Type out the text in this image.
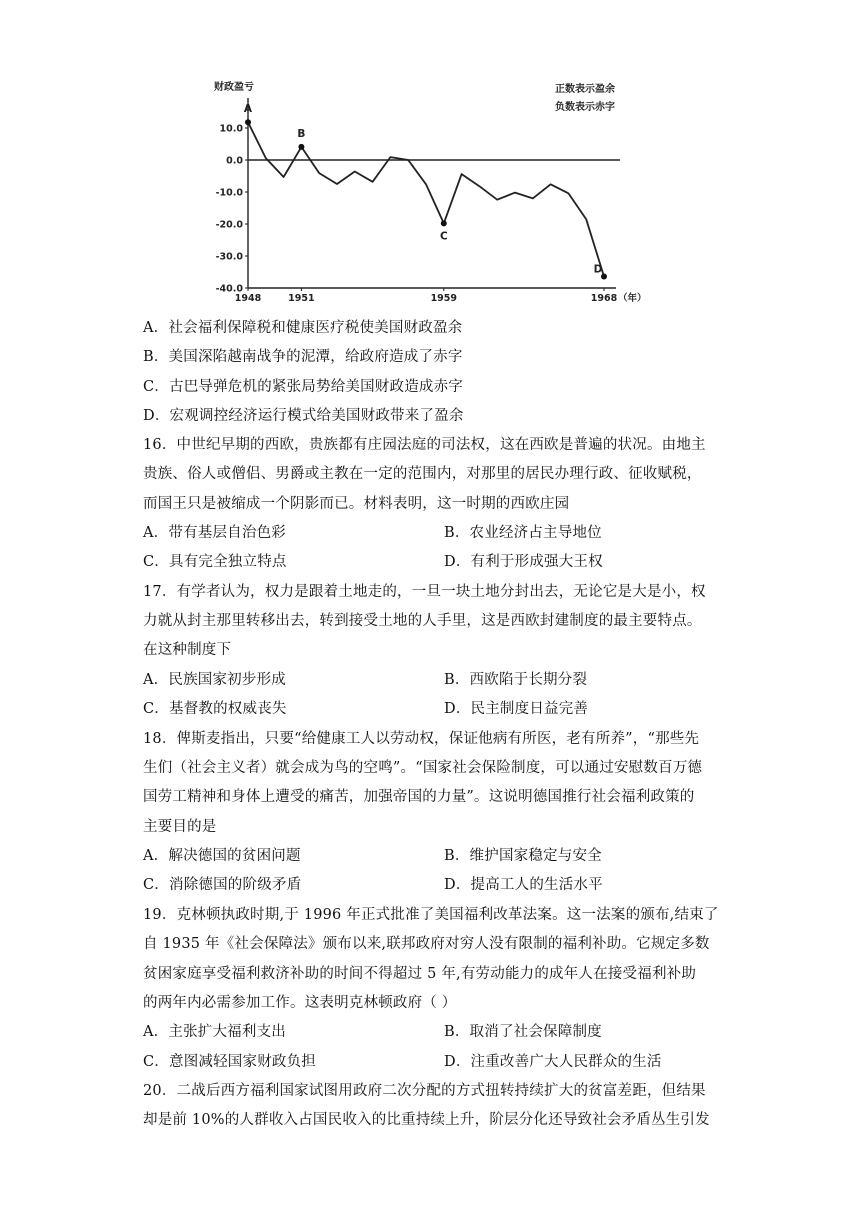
财政盈亏	正数表示盈余
负数表示赤字
10.0
0.0
-10.0
-20.0
-30.0
-40.0
1948	1951	1959	1968 （年）
A
B
C
D
A．社会福利保障税和健康医疗税使美国财政盈余
B．美国深陷越南战争的泥潭，给政府造成了赤字
C．古巴导弹危机的紧张局势给美国财政造成赤字
D．宏观调控经济运行模式给美国财政带来了盈余
16．中世纪早期的西欧，贵族都有庄园法庭的司法权，这在西欧是普遍的状况。由地主
贵族、俗人或僧侣、男爵或主教在一定的范围内，对那里的居民办理行政、征收赋税，
而国王只是被缩成一个阴影而已。材料表明，这一时期的西欧庄园
A．带有基层自治色彩	B．农业经济占主导地位
C．具有完全独立特点	D．有利于形成强大王权
17．有学者认为，权力是跟着土地走的，一旦一块土地分封出去，无论它是大是小，权
力就从封主那里转移出去，转到接受土地的人手里，这是西欧封建制度的最主要特点。
在这种制度下
A．民族国家初步形成	B．西欧陷于长期分裂
C．基督教的权威丧失	D．民主制度日益完善
18．俾斯麦指出，只要“给健康工人以劳动权，保证他病有所医，老有所养”，“那些先
生们（社会主义者）就会成为鸟的空鸣”。“国家社会保险制度，可以通过安慰数百万德
国劳工精神和身体上遭受的痛苦，加强帝国的力量”。这说明德国推行社会福利政策的
主要目的是
A．解决德国的贫困问题	B．维护国家稳定与安全
C．消除德国的阶级矛盾	D．提高工人的生活水平
19．克林顿执政时期,于 1996 年正式批准了美国福利改革法案。这一法案的颁布,结束了
自 1935 年《社会保障法》颁布以来,联邦政府对穷人没有限制的福利补助。它规定多数
贫困家庭享受福利救济补助的时间不得超过 5 年,有劳动能力的成年人在接受福利补助
的两年内必需参加工作。这表明克林顿政府（ ）
A．主张扩大福利支出	B．取消了社会保障制度
C．意图减轻国家财政负担	D．注重改善广大人民群众的生活
20．二战后西方福利国家试图用政府二次分配的方式扭转持续扩大的贫富差距，但结果
却是前 10%的人群收入占国民收入的比重持续上升，阶层分化还导致社会矛盾丛生引发
